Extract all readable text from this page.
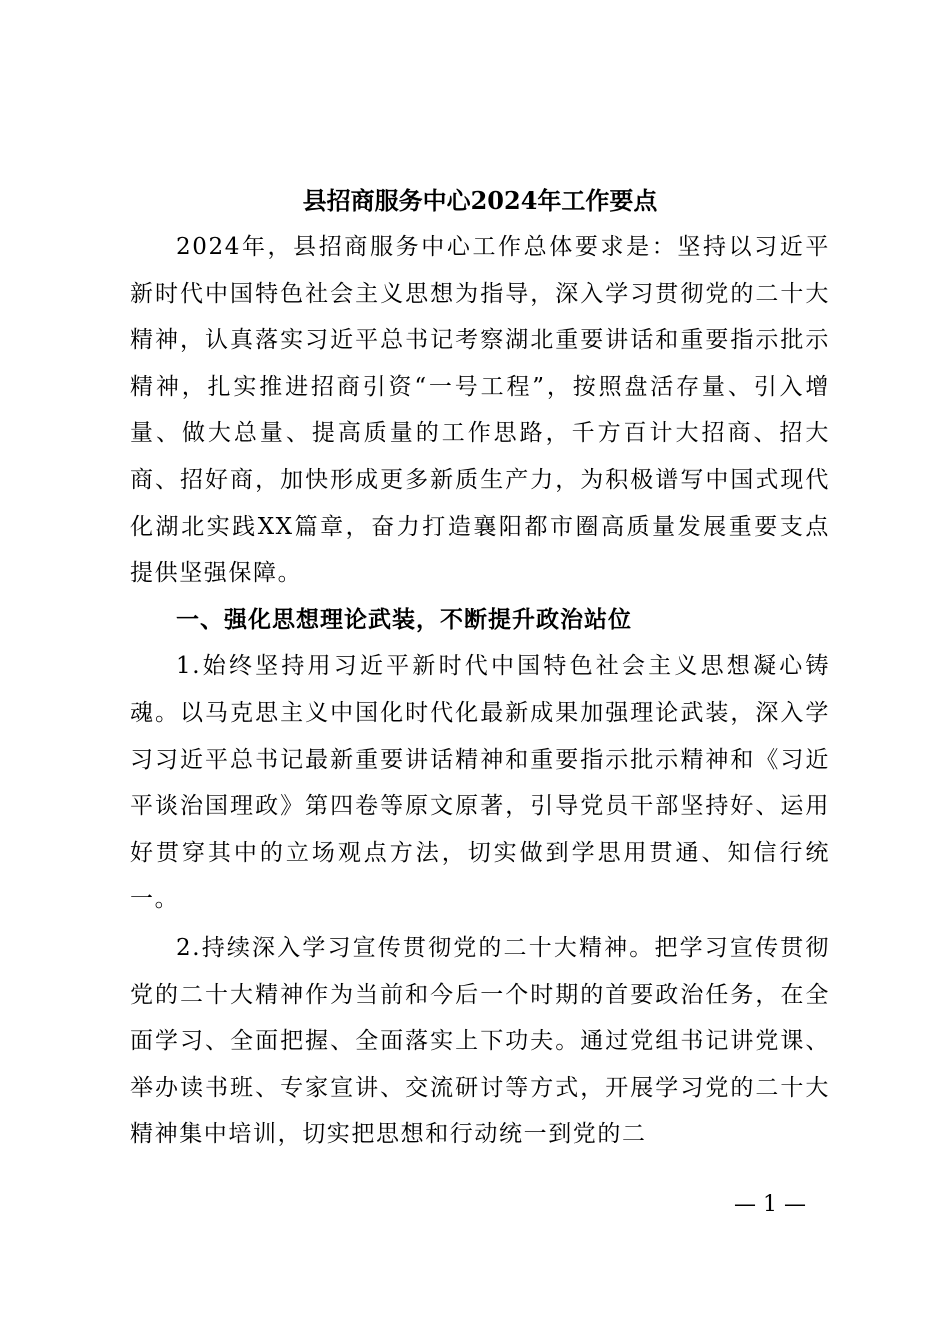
县招商服务中心2024年工作要点

2024年，县招商服务中心工作总体要求是：坚持以习近平新时代中国特色社会主义思想为指导，深入学习贯彻党的二十大精神，认真落实习近平总书记考察湖北重要讲话和重要指示批示精神，扎实推进招商引资“一号工程”，按照盘活存量、引入增量、做大总量、提高质量的工作思路，千方百计大招商、招大商、招好商，加快形成更多新质生产力，为积极谱写中国式现代化湖北实践XX篇章，奋力打造襄阳都市圈高质量发展重要支点提供坚强保障。

一、强化思想理论武装，不断提升政治站位

1.始终坚持用习近平新时代中国特色社会主义思想凝心铸魂。以马克思主义中国化时代化最新成果加强理论武装，深入学习习近平总书记最新重要讲话精神和重要指示批示精神和《习近平谈治国理政》第四卷等原文原著，引导党员干部坚持好、运用好贯穿其中的立场观点方法，切实做到学思用贯通、知信行统一。

2.持续深入学习宣传贯彻党的二十大精神。把学习宣传贯彻党的二十大精神作为当前和今后一个时期的首要政治任务，在全面学习、全面把握、全面落实上下功夫。通过党组书记讲党课、举办读书班、专家宣讲、交流研讨等方式，开展学习党的二十大精神集中培训，切实把思想和行动统一到党的二

— 1 —
